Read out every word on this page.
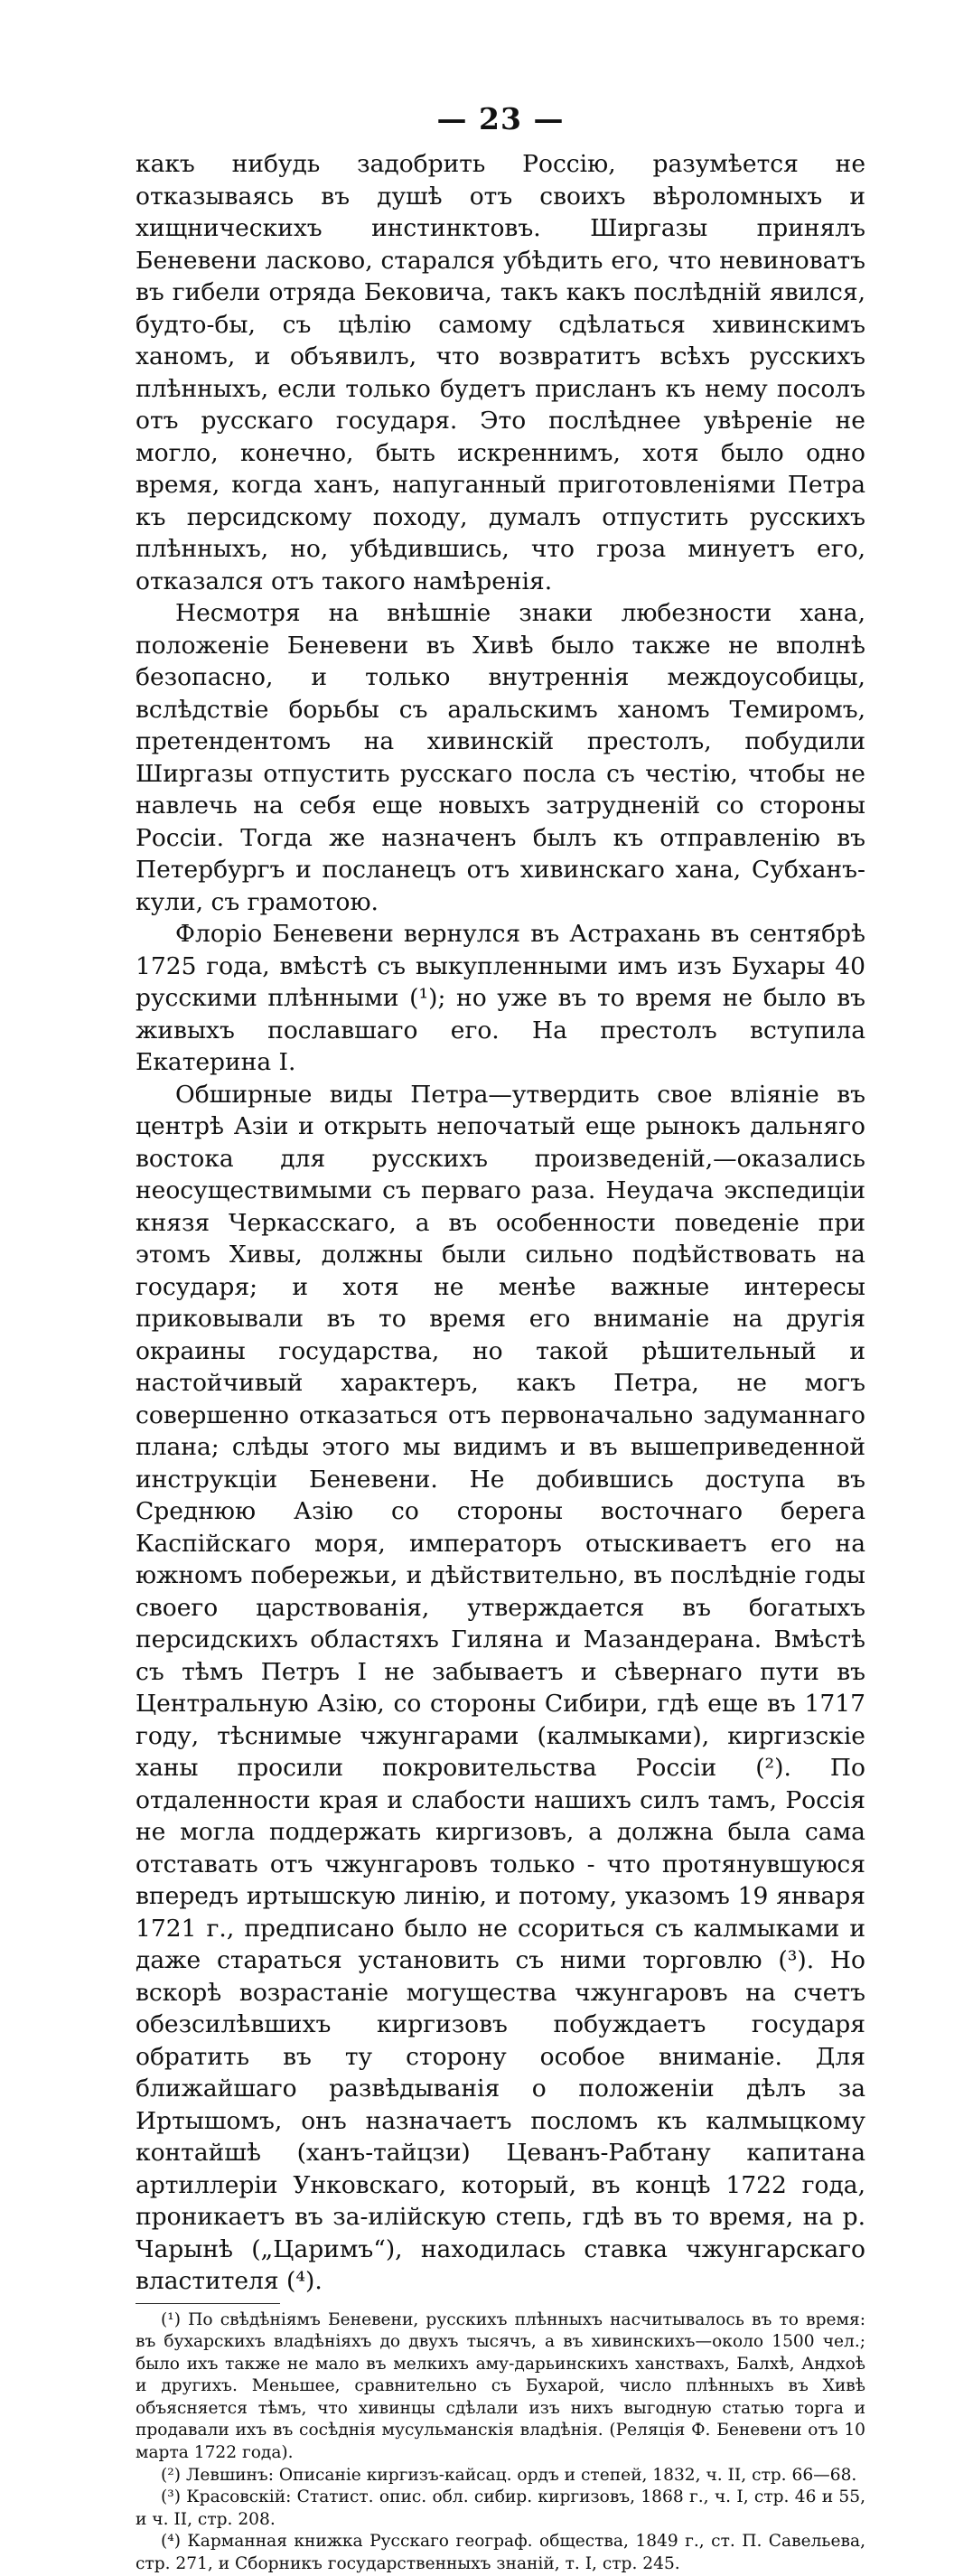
— 23 —

какъ нибудь задобрить Россію, разумѣется не отказываясь въ душѣ отъ своихъ вѣроломныхъ и хищническихъ инстинктовъ. Ширгазы принялъ Беневени ласково, старался убѣдить его, что невиноватъ въ гибели отряда Бековича, такъ какъ послѣдній явился, будто-бы, съ цѣлію самому сдѣлаться хивинскимъ ханомъ, и объявилъ, что возвратитъ всѣхъ русскихъ плѣнныхъ, если только будетъ присланъ къ нему посолъ отъ русскаго государя. Это послѣднее увѣреніе не могло, конечно, быть искреннимъ, хотя было одно время, когда ханъ, напуганный приготовленіями Петра къ персидскому походу, думалъ отпустить русскихъ плѣнныхъ, но, убѣдившись, что гроза минуетъ его, отказался отъ такого намѣренія.

Несмотря на внѣшніе знаки любезности хана, положеніе Беневени въ Хивѣ было также не вполнѣ безопасно, и только внутреннія междоусобицы, вслѣдствіе борьбы съ аральскимъ ханомъ Темиромъ, претендентомъ на хивинскій престолъ, побудили Ширгазы отпустить русскаго посла съ честію, чтобы не навлечь на себя еще новыхъ затрудненій со стороны Россіи. Тогда же назначенъ былъ къ отправленію въ Петербургъ и посланецъ отъ хивинскаго хана, Субханъ-кули, съ грамотою.

Флоріо Беневени вернулся въ Астрахань въ сентябрѣ 1725 года, вмѣстѣ съ выкупленными имъ изъ Бухары 40 русскими плѣнными (¹); но уже въ то время не было въ живыхъ пославшаго его. На престолъ вступила Екатерина I.

Обширные виды Петра—утвердить свое вліяніе въ центрѣ Азіи и открыть непочатый еще рынокъ дальняго востока для русскихъ произведеній,—оказались неосуществимыми съ перваго раза. Неудача экспедиціи князя Черкасскаго, а въ особенности поведеніе при этомъ Хивы, должны были сильно подѣйствовать на государя; и хотя не менѣе важные интересы приковывали въ то время его вниманіе на другія окраины государства, но такой рѣшительный и настойчивый характеръ, какъ Петра, не могъ совершенно отказаться отъ первоначально задуманнаго плана; слѣды этого мы видимъ и въ вышеприведенной инструкціи Беневени. Не добившись доступа въ Среднюю Азію со стороны восточнаго берега Каспійскаго моря, императоръ отыскиваетъ его на южномъ побережьи, и дѣйствительно, въ послѣдніе годы своего царствованія, утверждается въ богатыхъ персидскихъ областяхъ Гиляна и Мазандерана. Вмѣстѣ съ тѣмъ Петръ I не забываетъ и сѣвернаго пути въ Центральную Азію, со стороны Сибири, гдѣ еще въ 1717 году, тѣснимые чжунгарами (калмыками), киргизскіе ханы просили покровительства Россіи (²). По отдаленности края и слабости нашихъ силъ тамъ, Россія не могла поддержать киргизовъ, а должна была сама отставать отъ чжунгаровъ только - что протянувшуюся впередъ иртышскую линію, и потому, указомъ 19 января 1721 г., предписано было не ссориться съ калмыками и даже стараться установить съ ними торговлю (³). Но вскорѣ возрастаніе могущества чжунгаровъ на счетъ обезсилѣвшихъ киргизовъ побуждаетъ государя обратить въ ту сторону особое вниманіе. Для ближайшаго развѣдыванія о положеніи дѣлъ за Иртышомъ, онъ назначаетъ посломъ къ калмыцкому контайшѣ (ханъ-тайцзи) Цеванъ-Рабтану капитана артиллеріи Унковскаго, который, въ концѣ 1722 года, проникаетъ въ за-илійскую степь, гдѣ въ то время, на р. Чарынѣ („Царимъ“), находилась ставка чжунгарскаго властителя (⁴).

(¹) По свѣдѣніямъ Беневени, русскихъ плѣнныхъ насчитывалось въ то время: въ бухарскихъ владѣніяхъ до двухъ тысячъ, а въ хивинскихъ—около 1500 чел.; было ихъ также не мало въ мелкихъ аму-дарьинскихъ ханствахъ, Балхѣ, Андхоѣ и другихъ. Меньшее, сравнительно съ Бухарой, число плѣнныхъ въ Хивѣ объясняется тѣмъ, что хивинцы сдѣлали изъ нихъ выгодную статью торга и продавали ихъ въ сосѣднія мусульманскія владѣнія. (Реляція Ф. Беневени отъ 10 марта 1722 года).

(²) Левшинъ: Описаніе киргизъ-кайсац. ордъ и степей, 1832, ч. II, стр. 66—68.

(³) Красовскій: Статист. опис. обл. сибир. киргизовъ, 1868 г., ч. I, стр. 46 и 55, и ч. II, стр. 208.

(⁴) Карманная книжка Русскаго географ. общества, 1849 г., ст. П. Савельева, стр. 271, и Сборникъ государственныхъ знаній, т. I, стр. 245.
